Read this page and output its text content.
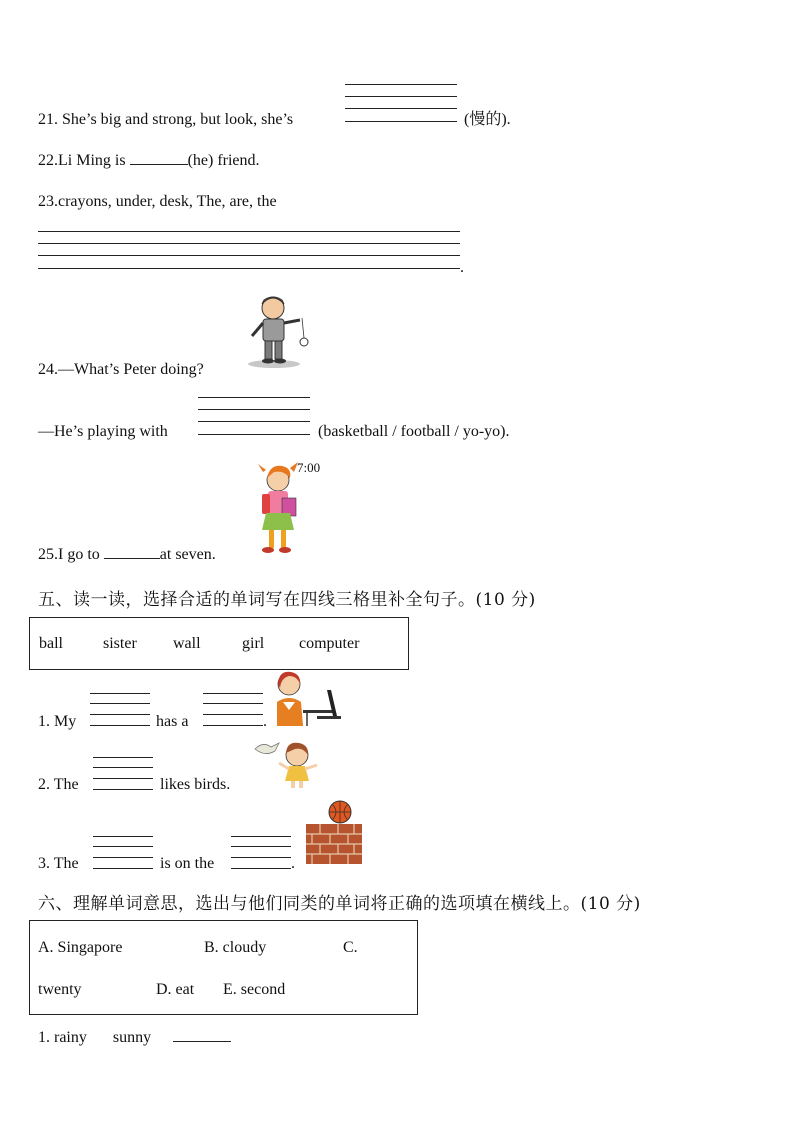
21. She’s big and strong, but look, she’s	(慢的).
22.Li Ming is	(he) friend.
23.crayons, under, desk, The, are, the
.
24.—What’s Peter doing?
—He’s playing with	(basketball / football / yo-yo).
7:00
25.I go to	at seven.
五、读一读，选择合适的单词写在四线三格里补全句子。(10 分)
ball	sister wall	girl computer
1. My	has a	.
2. The	likes birds.
3. The	is on the	.
六、理解单词意思，选出与他们同类的单词将正确的选项填在横线上。(10 分)
A. Singapore	B. cloudy	C.
twenty	D. eat E. second
1. rainy sunny
